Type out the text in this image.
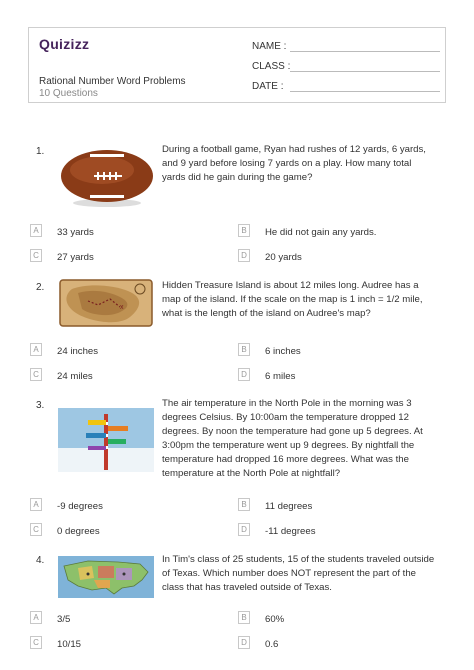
Quizizz
Rational Number Word Problems
10 Questions
NAME :
CLASS :
DATE :
1.	During a football game, Ryan had rushes of 12 yards, 6 yards,
and 9 yard before losing 7 yards on a play. How many total
yards did he gain during the game?
A	33 yards	B	He did not gain any yards.
C	27 yards	D	20 yards
2.
x
Hidden Treasure Island is about 12 miles long. Audree has a
map of the island. If the scale on the map is 1 inch = 1/2 mile,
what is the length of the island on Audree's map?
A	24 inches	B	6 inches
C	24 miles	D	6 miles
3.	The air temperature in the North Pole in the morning was 3
degrees Celsius. By 10:00am the temperature dropped 12
degrees. By noon the temperature had gone up 5 degrees. At
3:00pm the temperature went up 9 degrees. By nightfall the
temperature had dropped 16 more degrees. What was the
temperature at the North Pole at nightfall?
A	-9 degrees	B	11 degrees
C	0 degrees	D	-11 degrees
4.	In Tim's class of 25 students, 15 of the students traveled outside
of Texas. Which number does NOT represent the part of the
class that has traveled outside of Texas.
A	3/5	B	60%
C	10/15	D	0.6
